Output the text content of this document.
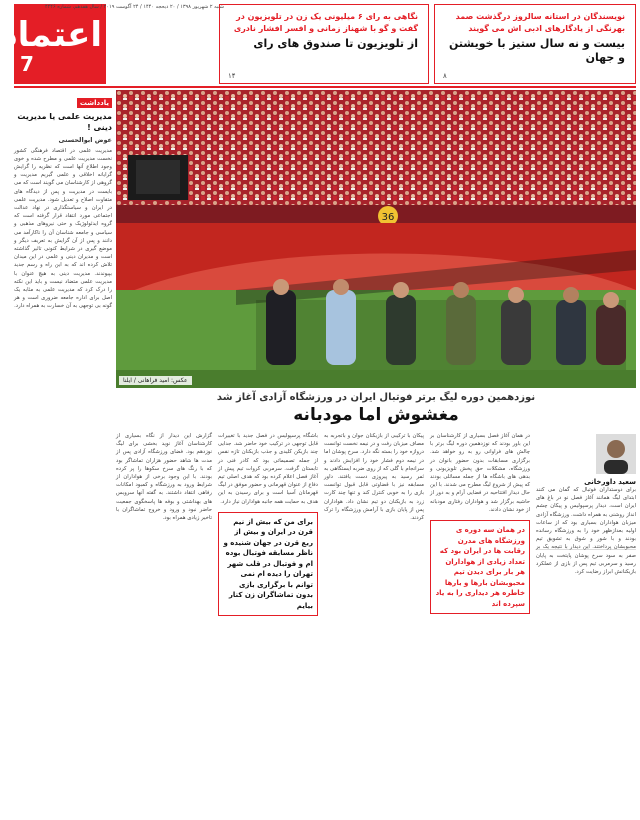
اعتماد
7
شنبه ۲ شهریور ۱۳۹۸ / ۲۰ ذیحجه ۱۴۴۰ / ۲۴ آگوست ۲۰۱۹ / سال هفدهم، شماره ۴۴۴۶
نگاهی به رای ۶ میلیونی یک زن در تلویزیون در گفت و گو با شهناز زمانی و افسر افشار نادری
از تلویزیون تا صندوق های رای
۱۴
نویسندگان در استانه سالروز درگذشت صمد بهرنگی از یادگارهای ادبی اش می گویند
بیست و نه سال ستیز با خویشتن و جهان
۸
یادداشت
مدیریت علمی یا مدیریت دینی !
عوض ابوالحسنی
مدیریت علمی در اقتصاد فرهنگی کشور نخست مدیریت علمی و مطرح شده و خوی وجود اطلاع آنها است که نظریه را گرایش گرایانه اخلاقی و علمی گیریم مدیریت و گروهی از کارشناسان می گویند است که می بایست در مدیریت و پس از دیدگاه های متفاوت اصلاح و تعدیل شود. مدیریت علمی در ایران و سیاستگذاری در نهاد عدالت اجتماعی مورد انتقاد قرار گرفته است که گروه ایدئولوژیک و حتی نیروهای مذهبی و سیاسی و جامعه شناسان آن را ناکارآمد می دانند و پس از آن گرایش به تعریف دیگر و موضع گیری در شرایط کنونی تاثیر گذاشته است و مدیران دینی و علمی در این میدان تلاش کرده اند که به این راه و رسم جدید بپیوندند. مدیریت دینی به هیچ عنوان با مدیریت علمی متضاد نیست و باید این نکته را درک کرد که مدیریت علمی به مثابه یک اصل برای اداره جامعه ضروری است و هر گونه بی توجهی به آن خسارت به همراه دارد.
36
عکس: امید فراهانی / ایلنا
نوزدهمین دوره لیگ برتر فوتبال ایران در ورزشگاه آزادی آغاز شد
مغشوش اما مودبانه
سعید داورخانی
برای دوستداران فوتبال که گمان می کنند ابتدای لیگ همانند آغاز فصل نو در باغ های ایران است، دیدار پرسپولیس و پیکان چشم انداز روشنی به همراه داشت. ورزشگاه آزادی میزبان هواداران بسیاری بود که از ساعات اولیه بعدازظهر خود را به ورزشگاه رسانده بودند و با شور و شوق به تشویق تیم محبوبشان پرداختند. این دیدار با نتیجه یک بر صفر به سود سرخ پوشان پایتخت به پایان رسید و سرمربی تیم پس از بازی از عملکرد بازیکنانش ابراز رضایت کرد.
در همان آغاز فصل بسیاری از کارشناسان بر این باور بودند که نوزدهمین دوره لیگ برتر با چالش های فراوانی رو به رو خواهد شد. برگزاری مسابقات بدون حضور بانوان در ورزشگاه، مشکلات حق پخش تلویزیونی و بدهی های باشگاه ها از جمله مسائلی بودند که پیش از شروع لیگ مطرح می شدند. با این حال دیدار افتتاحیه در فضایی آرام و به دور از حاشیه برگزار شد و هواداران رفتاری مودبانه از خود نشان دادند.
در همان سه دوره ی ورزشگاه های مدرن رقابت ها در ایران بود که تعداد زیادی از هواداران هر بار برای دیدن تیم محبوبشان بارها و بارها خاطره هر دیداری را به یاد سپرده اند
پیکان با ترکیبی از بازیکنان جوان و باتجربه به مصاف میزبان رفت و در نیمه نخست توانست دروازه خود را بسته نگه دارد. سرخ پوشان اما در نیمه دوم فشار خود را افزایش دادند و سرانجام با گلی که از روی ضربه ایستگاهی به ثمر رسید به پیروزی دست یافتند. داور مسابقه نیز با قضاوتی قابل قبول توانست بازی را به خوبی کنترل کند و تنها چند کارت زرد به بازیکنان دو تیم نشان داد. هواداران پس از پایان بازی با آرامش ورزشگاه را ترک کردند.
باشگاه پرسپولیس در فصل جدید با تغییرات قابل توجهی در ترکیب خود حاضر شد. جدایی چند بازیکن کلیدی و جذب بازیکنان تازه نفس از جمله تصمیماتی بود که کادر فنی در تابستان گرفت. سرمربی کروات تیم پیش از آغاز فصل اعلام کرده بود که هدف اصلی تیم دفاع از عنوان قهرمانی و حضور موفق در لیگ قهرمانان آسیا است و برای رسیدن به این هدف به حمایت همه جانبه هواداران نیاز دارد.
برای من که بیش از نیم قرن در ایران و بیش از ربع قرن در جهان شنیده و ناظر مسابقه فوتبال بوده ام و فوتبال در قلب شهر تهران را دیده ام نمی توانم با برگزاری بازی بدون تماشاگران زن کنار بیایم
گزارش این دیدار از نگاه بسیاری از کارشناسان آغاز نوید بخشی برای لیگ نوزدهم بود. فضای ورزشگاه آزادی پس از مدت ها شاهد حضور هزاران تماشاگر بود که با رنگ های سرخ سکوها را پر کرده بودند. با این وجود برخی از هواداران از شرایط ورود به ورزشگاه و کمبود امکانات رفاهی انتقاد داشتند. به گفته آنها سرویس های بهداشتی و بوفه ها پاسخگوی جمعیت حاضر نبود و ورود و خروج تماشاگران با تاخیر زیادی همراه بود.
